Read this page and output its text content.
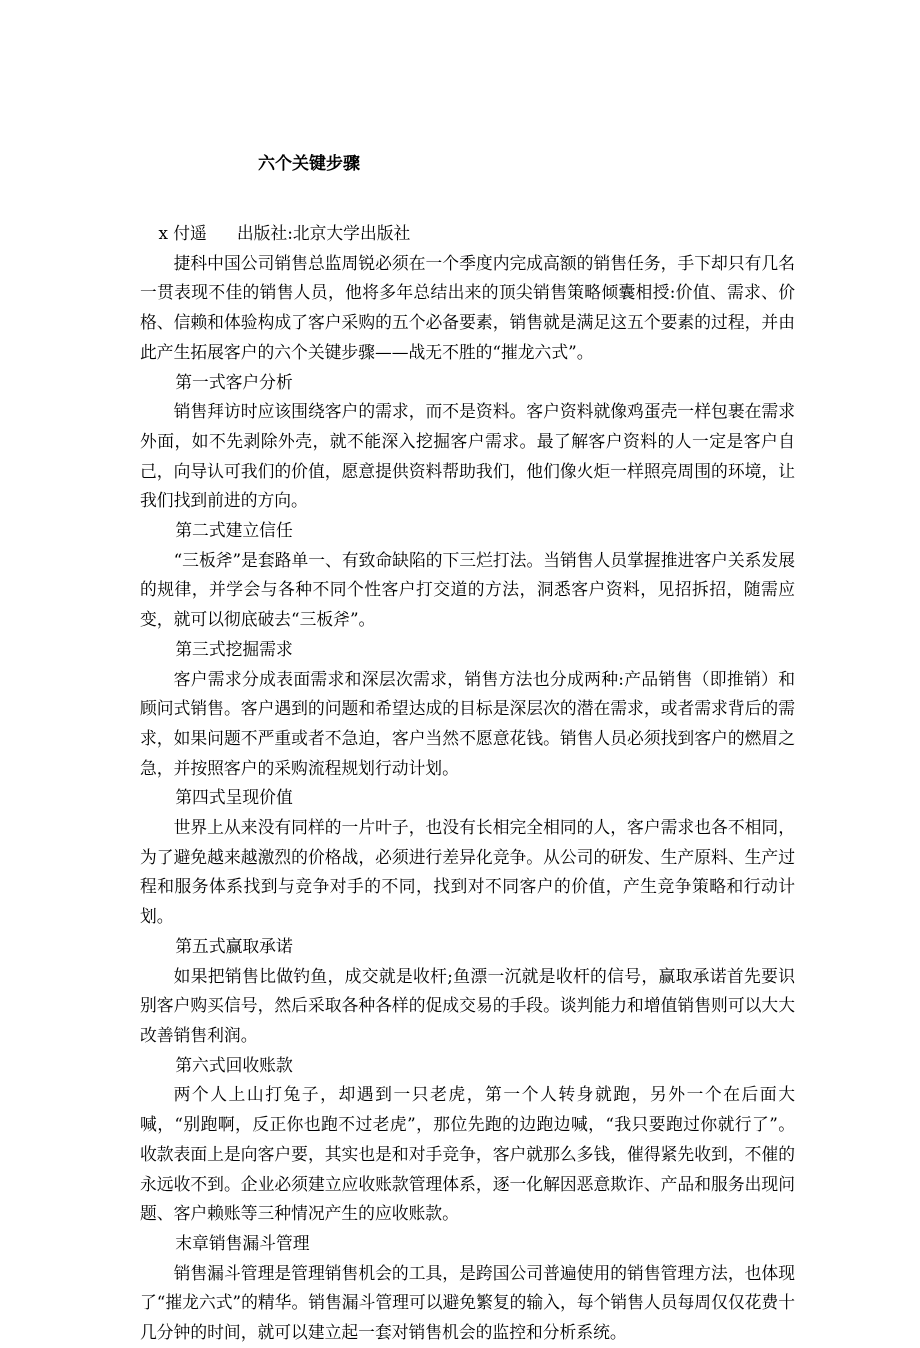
六个关键步骤

x 付遥 出版社:北京大学出版社

捷科中国公司销售总监周锐必须在一个季度内完成高额的销售任务，手下却只有几名一贯表现不佳的销售人员，他将多年总结出来的顶尖销售策略倾囊相授:价值、需求、价格、信赖和体验构成了客户采购的五个必备要素，销售就是满足这五个要素的过程，并由此产生拓展客户的六个关键步骤——战无不胜的“摧龙六式”。

第一式客户分析

销售拜访时应该围绕客户的需求，而不是资料。客户资料就像鸡蛋壳一样包裹在需求外面，如不先剥除外壳，就不能深入挖掘客户需求。最了解客户资料的人一定是客户自己，向导认可我们的价值，愿意提供资料帮助我们，他们像火炬一样照亮周围的环境，让我们找到前进的方向。

第二式建立信任

“三板斧”是套路单一、有致命缺陷的下三烂打法。当销售人员掌握推进客户关系发展的规律，并学会与各种不同个性客户打交道的方法，洞悉客户资料，见招拆招，随需应变，就可以彻底破去“三板斧”。

第三式挖掘需求

客户需求分成表面需求和深层次需求，销售方法也分成两种:产品销售（即推销）和顾问式销售。客户遇到的问题和希望达成的目标是深层次的潜在需求，或者需求背后的需求，如果问题不严重或者不急迫，客户当然不愿意花钱。销售人员必须找到客户的燃眉之急，并按照客户的采购流程规划行动计划。

第四式呈现价值

世界上从来没有同样的一片叶子，也没有长相完全相同的人，客户需求也各不相同，为了避免越来越激烈的价格战，必须进行差异化竞争。从公司的研发、生产原料、生产过程和服务体系找到与竞争对手的不同，找到对不同客户的价值，产生竞争策略和行动计划。

第五式赢取承诺

如果把销售比做钓鱼，成交就是收杆;鱼漂一沉就是收杆的信号，赢取承诺首先要识别客户购买信号，然后采取各种各样的促成交易的手段。谈判能力和增值销售则可以大大改善销售利润。

第六式回收账款

两个人上山打兔子，却遇到一只老虎，第一个人转身就跑，另外一个在后面大喊，“别跑啊，反正你也跑不过老虎”，那位先跑的边跑边喊，“我只要跑过你就行了”。收款表面上是向客户要，其实也是和对手竞争，客户就那么多钱，催得紧先收到，不催的永远收不到。企业必须建立应收账款管理体系，逐一化解因恶意欺诈、产品和服务出现问题、客户赖账等三种情况产生的应收账款。

末章销售漏斗管理

销售漏斗管理是管理销售机会的工具，是跨国公司普遍使用的销售管理方法，也体现了“摧龙六式”的精华。销售漏斗管理可以避免繁复的输入，每个销售人员每周仅仅花费十几分钟的时间，就可以建立起一套对销售机会的监控和分析系统。
